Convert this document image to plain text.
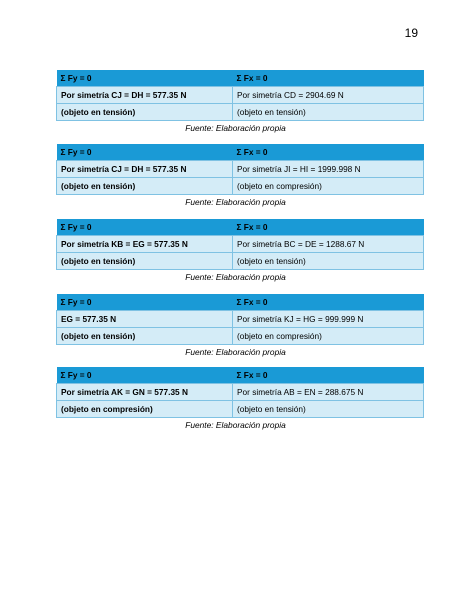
19
Σ Fy = 0	Σ Fx = 0
Por simetría CJ = DH = 577.35 N	Por simetría CD = 2904.69 N
(objeto en tensión)	(objeto en tensión)
Fuente: Elaboración propia
Σ Fy = 0	Σ Fx = 0
Por simetría CJ = DH = 577.35 N	Por simetría JI = HI = 1999.998 N
(objeto en tensión)	(objeto en compresión)
Fuente: Elaboración propia
Σ Fy = 0	Σ Fx = 0
Por simetría KB = EG = 577.35 N	Por simetría BC = DE = 1288.67 N
(objeto en tensión)	(objeto en tensión)
Fuente: Elaboración propia
Σ Fy = 0	Σ Fx = 0
EG = 577.35 N	Por simetría KJ = HG = 999.999 N
(objeto en tensión)	(objeto en compresión)
Fuente: Elaboración propia
Σ Fy = 0	Σ Fx = 0
Por simetría AK = GN = 577.35 N	Por simetría AB = EN = 288.675 N
(objeto en compresión)	(objeto en tensión)
Fuente: Elaboración propia
